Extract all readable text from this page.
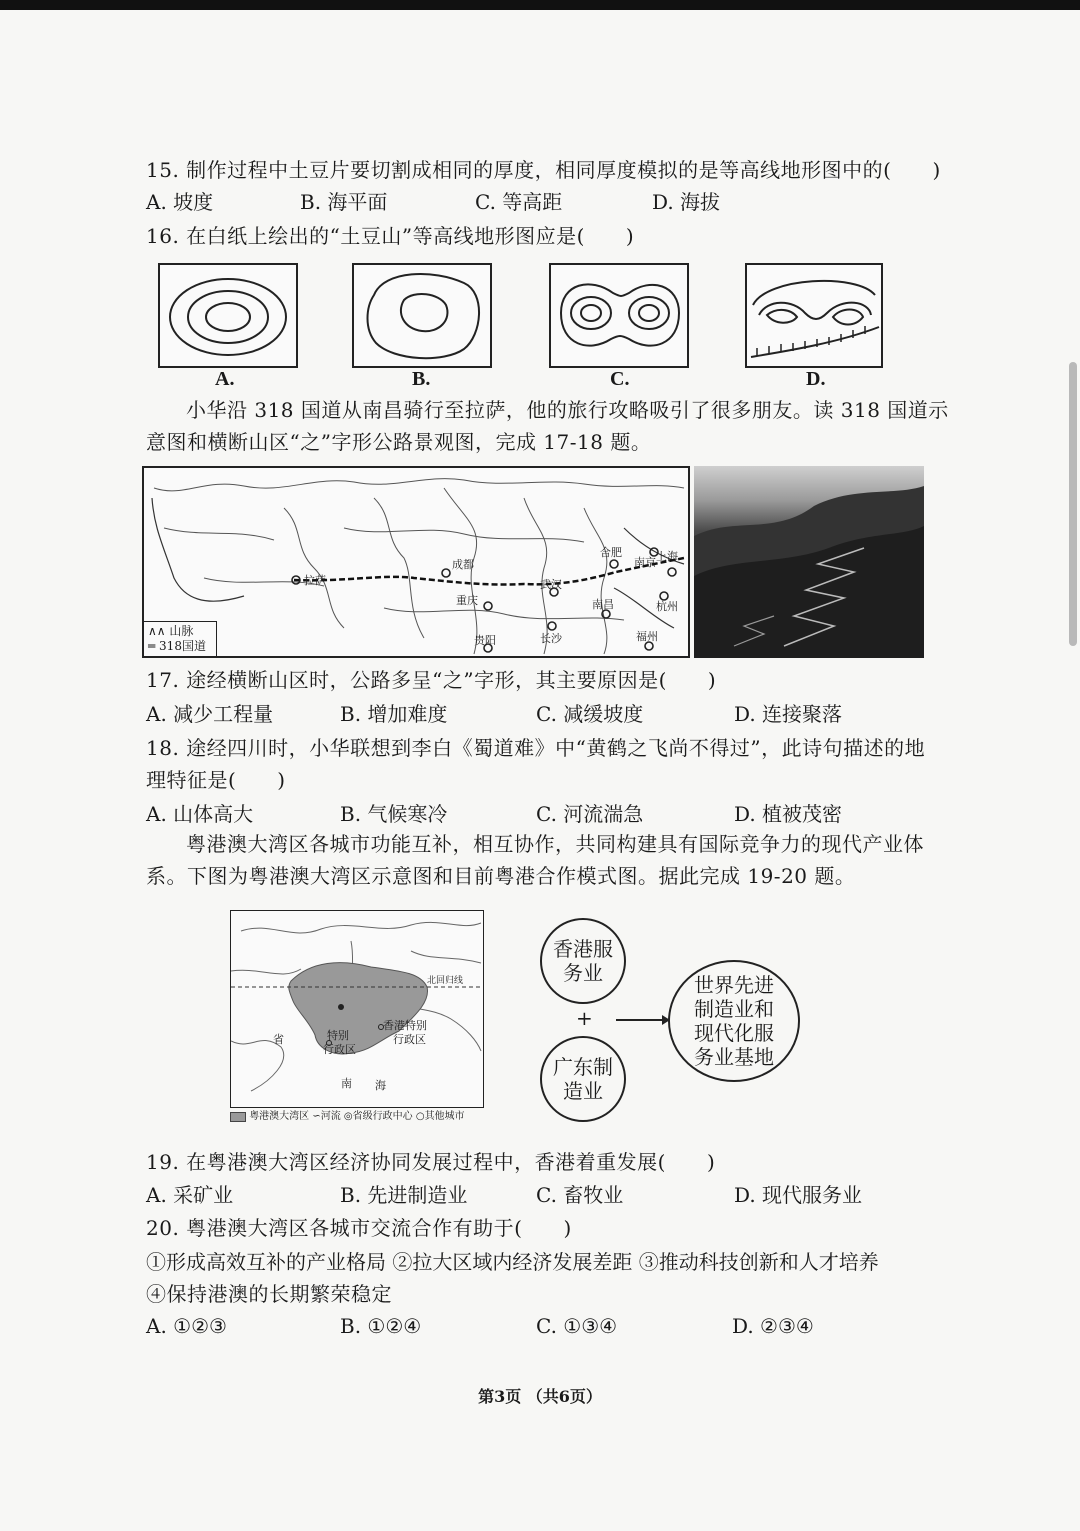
15. 制作过程中土豆片要切割成相同的厚度，相同厚度模拟的是等高线地形图中的(　　)
A. 坡度	B. 海平面	C. 等高距	D. 海拔
16. 在白纸上绘出的“土豆山”等高线地形图应是(　　)
A.	B.	C.	D.
小华沿 318 国道从南昌骑行至拉萨，他的旅行攻略吸引了很多朋友。读 318 国道示
意图和横断山区“之”字形公路景观图，完成 17-18 题。
拉萨
成都
重庆
贵阳
武汉
长沙
合肥
南京 上海
杭州
南昌
福州
∧∧ 山脉
═ 318国道
17. 途经横断山区时，公路多呈“之”字形，其主要原因是(　　)
A. 减少工程量	B. 增加难度	C. 减缓坡度	D. 连接聚落
18. 途经四川时，小华联想到李白《蜀道难》中“黄鹤之飞尚不得过”，此诗句描述的地
理特征是(　　)
A. 山体高大	B. 气候寒冷	C. 河流湍急	D. 植被茂密
粤港澳大湾区各城市功能互补，相互协作，共同构建具有国际竞争力的现代产业体
系。下图为粤港澳大湾区示意图和目前粤港合作模式图。据此完成 19-20 题。
北回归线
香港特别
行政区
特别
行政区
省
南 海
粤港澳大湾区 ∽河流 ◎省级行政中心 ○其他城市
香港服务业
+
广东制造业
世界先进制造业和现代化服务业基地
19. 在粤港澳大湾区经济协同发展过程中，香港着重发展(　　)
A. 采矿业	B. 先进制造业	C. 畜牧业	D. 现代服务业
20. 粤港澳大湾区各城市交流合作有助于(　　)
①形成高效互补的产业格局 ②拉大区域内经济发展差距 ③推动科技创新和人才培养
④保持港澳的长期繁荣稳定
A. ①②③	B. ①②④	C. ①③④	D. ②③④
第3页 （共6页）
